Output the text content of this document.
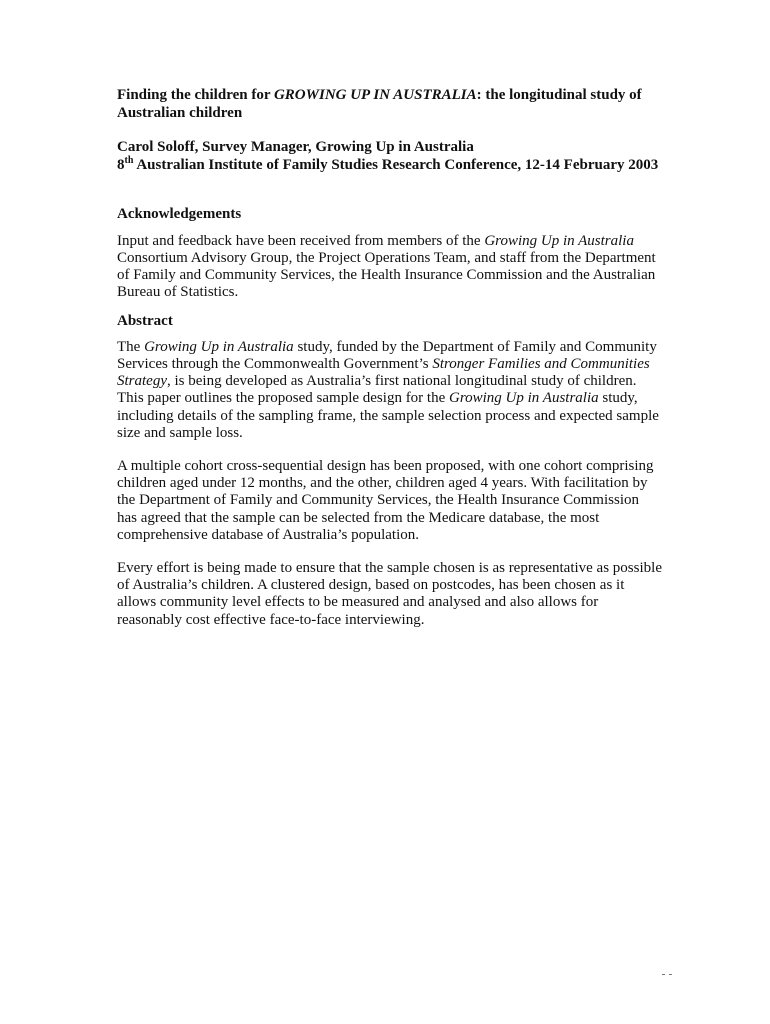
Finding the children for GROWING UP IN AUSTRALIA: the longitudinal study of Australian children

Carol Soloff, Survey Manager, Growing Up in Australia
8th Australian Institute of Family Studies Research Conference, 12-14 February 2003

Acknowledgements

Input and feedback have been received from members of the Growing Up in Australia Consortium Advisory Group, the Project Operations Team, and staff from the Department of Family and Community Services, the Health Insurance Commission and the Australian Bureau of Statistics.

Abstract

The Growing Up in Australia study, funded by the Department of Family and Community Services through the Commonwealth Government’s Stronger Families and Communities Strategy, is being developed as Australia’s first national longitudinal study of children. This paper outlines the proposed sample design for the Growing Up in Australia study, including details of the sampling frame, the sample selection process and expected sample size and sample loss.

A multiple cohort cross-sequential design has been proposed, with one cohort comprising children aged under 12 months, and the other, children aged 4 years. With facilitation by the Department of Family and Community Services, the Health Insurance Commission has agreed that the sample can be selected from the Medicare database, the most comprehensive database of Australia’s population.

Every effort is being made to ensure that the sample chosen is as representative as possible of Australia’s children. A clustered design, based on postcodes, has been chosen as it allows community level effects to be measured and analysed and also allows for reasonably cost effective face-to-face interviewing.
